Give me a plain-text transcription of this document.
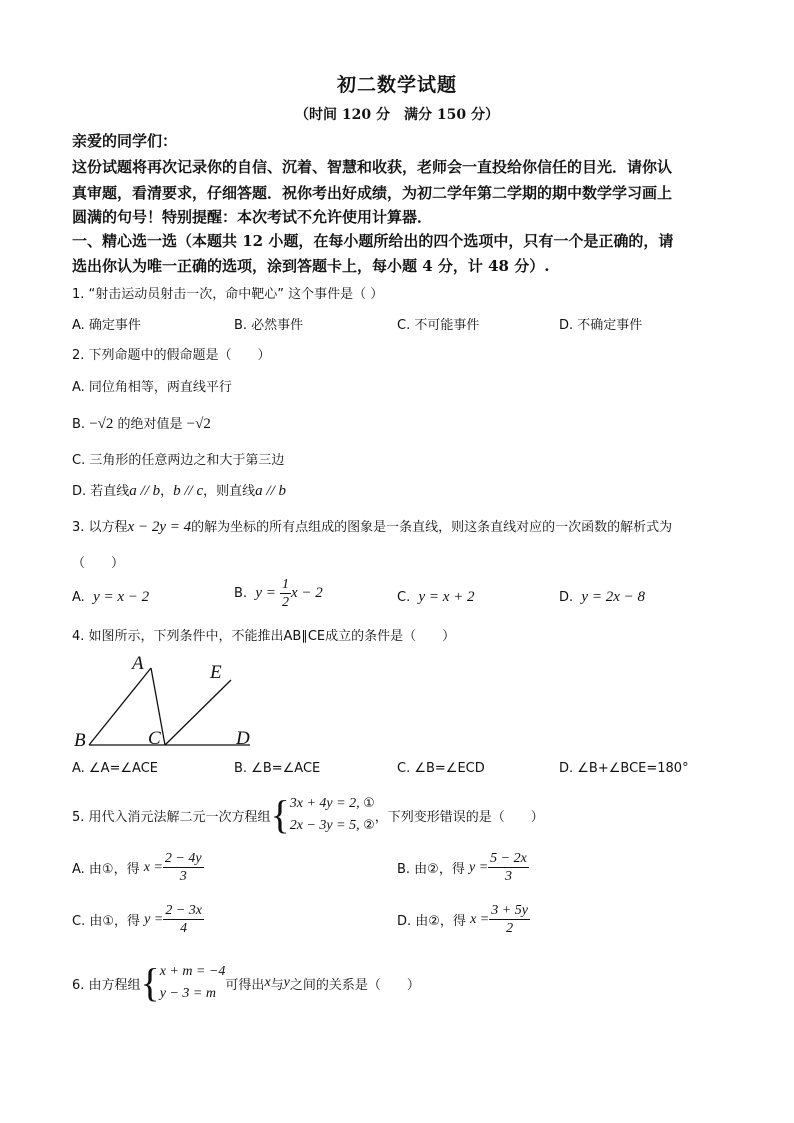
初二数学试题
（时间 120 分　满分 150 分）
亲爱的同学们：
这份试题将再次记录你的自信、沉着、智慧和收获，老师会一直投给你信任的目光．请你认
真审题，看清要求，仔细答题．祝你考出好成绩，为初二学年第二学期的期中数学学习画上
圆满的句号！特别提醒：本次考试不允许使用计算器．
一、精心选一选（本题共 12 小题，在每小题所给出的四个选项中，只有一个是正确的，请
选出你认为唯一正确的选项，涂到答题卡上，每小题 4 分，计 48 分）.
1. “射击运动员射击一次，命中靶心” 这个事件是（ ）
A. 确定事件	B. 必然事件	C. 不可能事件	D. 不确定事件
2. 下列命题中的假命题是（　　）
A. 同位角相等，两直线平行
B. −√2 的绝对值是 −√2
C. 三角形的任意两边之和大于第三边
D. 若直线a // b，b // c，则直线a // b
3. 以方程x − 2y = 4的解为坐标的所有点组成的图象是一条直线，则这条直线对应的一次函数的解析式为
（　　）
A. y = x − 2	B. $y = \frac{1}{2}$ x − 2	C. y = x + 2	D. y = 2x − 8
4. 如图所示，下列条件中，不能推出AB∥CE成立的条件是（　　）
A
B	C	D
E
A. ∠A=∠ACE	B. ∠B=∠ACE	C. ∠B=∠ECD	D. ∠B+∠BCE=180°
5. 用代入消元法解二元一次方程组 { 3x + 4y = 2, ①
2x − 3y = 5, ②
，下列变形错误的是（　　）
A. 由①，得
$x = \frac{2 - 4y}{3}$	B. 由②，得
$y = \frac{5 - 2x}{3}$
C. 由①，得
$y = \frac{2 - 3x}{4}$	D. 由②，得
$x = \frac{3 + 5y}{2}$
6. 由方程组 { x + m = −4
y − 3 = m
可得出 x 与 y 之间的关系是（　　）
